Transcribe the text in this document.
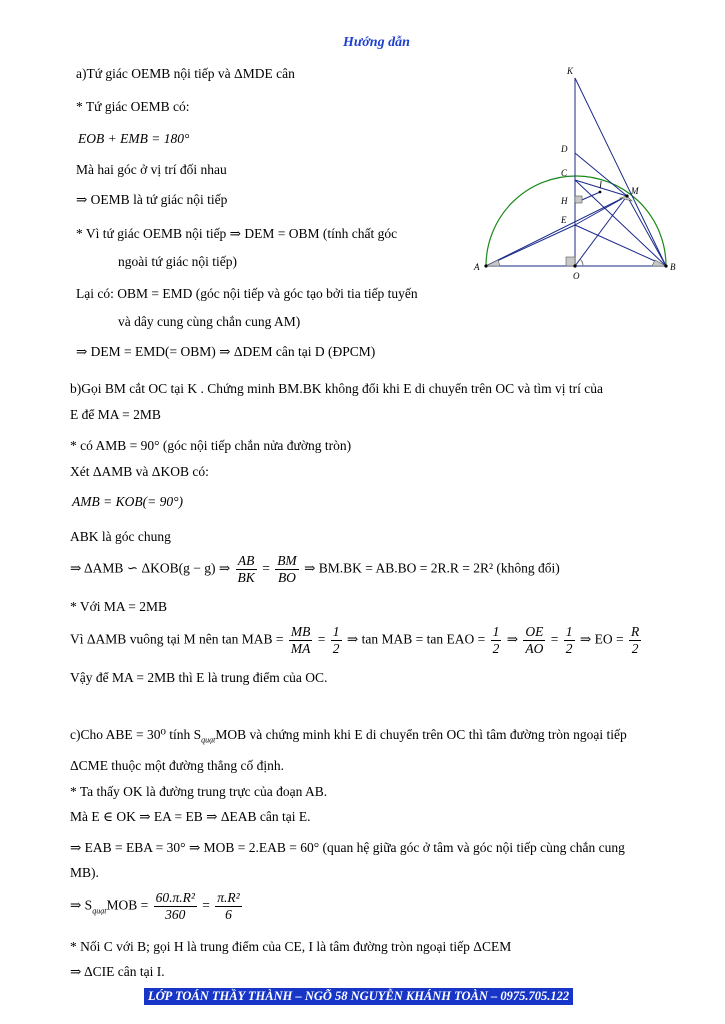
Hướng dẫn
a)Tứ giác OEMB nội tiếp và ΔMDE cân
* Tứ giác OEMB có:
EOB + EMB = 180°
Mà hai góc ở vị trí đối nhau
⇒ OEMB là tứ giác nội tiếp
* Vì tứ giác OEMB nội tiếp ⇒ DEM = OBM (tính chất góc
ngoài tứ giác nội tiếp)
Lại có: OBM = EMD (góc nội tiếp và góc tạo bởi tia tiếp tuyến
và dây cung cùng chắn cung AM)
⇒ DEM = EMD(= OBM) ⇒ ΔDEM cân tại D (ĐPCM)
K
D
C
H
I
E
M
A
O
B
b)Gọi BM cắt OC tại K . Chứng minh BM.BK không đổi khi E di chuyển trên OC và tìm vị trí của
E để MA = 2MB
* có AMB = 90° (góc nội tiếp chắn nửa đường tròn)
Xét ΔAMB và ΔKOB có:
AMB = KOB(= 90°)
ABK là góc chung
⇒ ΔAMB ∽ ΔKOB(g − g) ⇒ $\frac{AB}{BK} = \frac{BM}{BO}$ ⇒ BM.BK = AB.BO = 2R.R = 2R² (không đổi)
* Với MA = 2MB
Vì ΔAMB vuông tại M nên tan MAB = $\frac{MB}{MA} = \frac{1}{2}$ ⇒ tan MAB = tan EAO = $\frac{1}{2}$ ⇒ $\frac{OE}{AO} = \frac{1}{2}$ ⇒ EO = $\frac{R}{2}$
Vậy để MA = 2MB thì E là trung điểm của OC.
c)Cho ABE = 30⁰ tính $S_{quạt}MOB$ và chứng minh khi E di chuyển trên OC thì tâm đường tròn ngoại tiếp
ΔCME thuộc một đường thẳng cố định.
* Ta thấy OK là đường trung trực của đoạn AB.
Mà E ∈ OK ⇒ EA = EB ⇒ ΔEAB cân tại E.
⇒ EAB = EBA = 30° ⇒ MOB = 2.EAB = 60° (quan hệ giữa góc ở tâm và góc nội tiếp cùng chắn cung
MB).
⇒ $S_{quạt}MOB = \frac{\text{60.π.R²}}{360} = \frac{\text{π.R²}}{6}$
* Nối C với B; gọi H là trung điểm của CE, I là tâm đường tròn ngoại tiếp ΔCEM
⇒ ΔCIE cân tại I.
LỚP TOÁN THẦY THÀNH – NGÕ 58 NGUYỄN KHÁNH TOÀN – 0975.705.122
